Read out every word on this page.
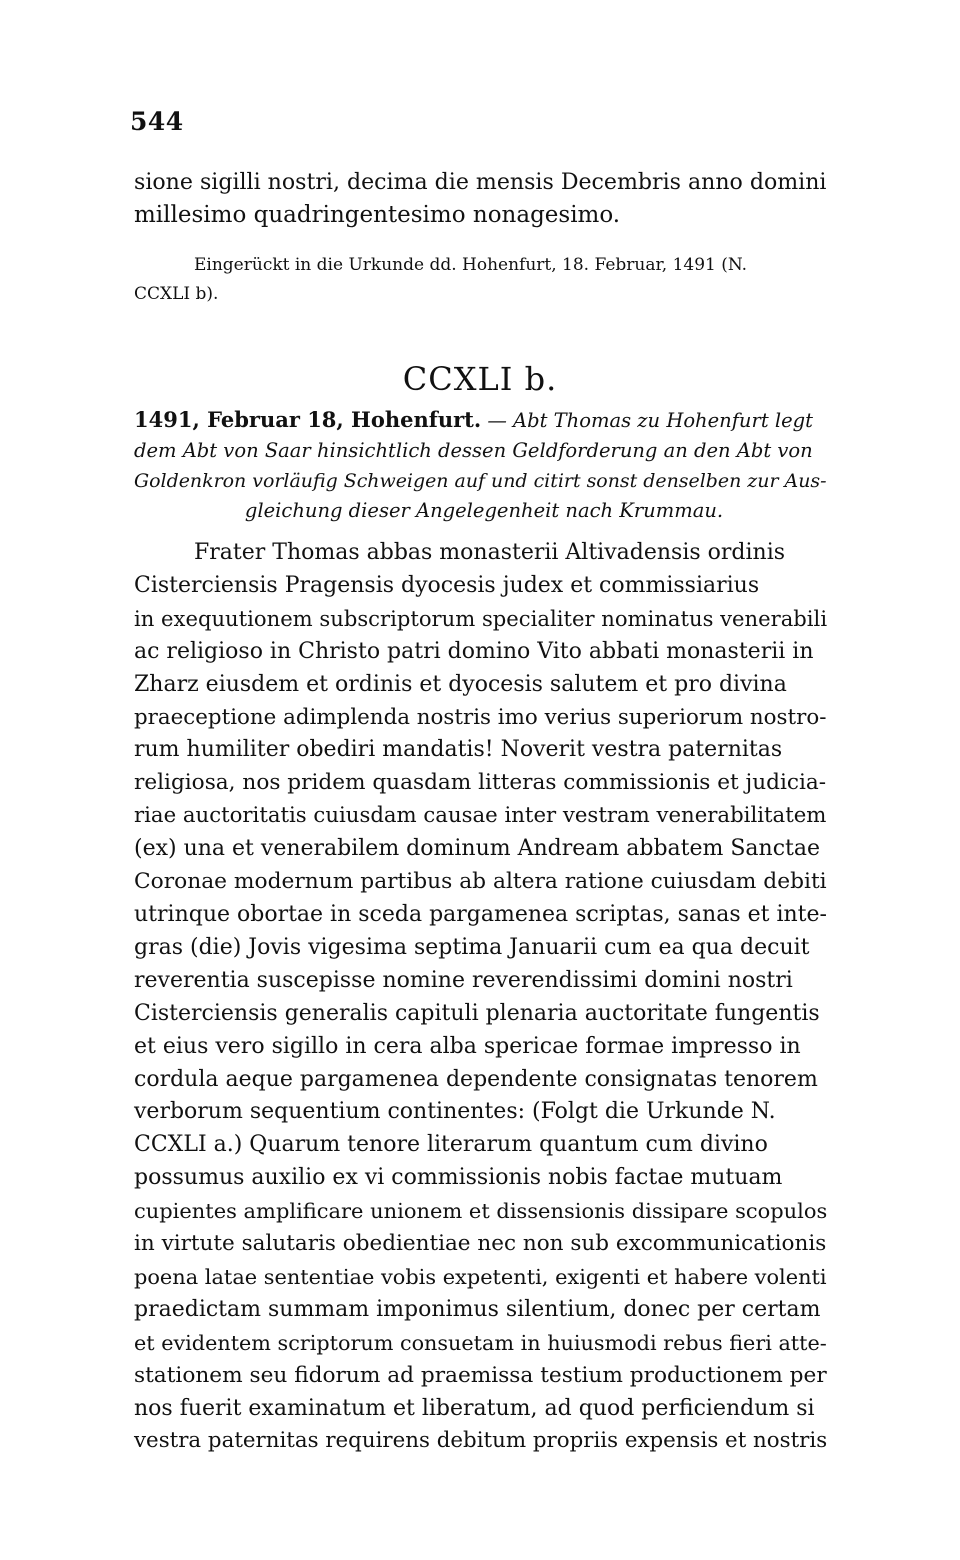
544
sione sigilli nostri, decima die mensis Decembris anno domini
millesimo quadringentesimo nonagesimo.
Eingerückt in die Urkunde dd. Hohenfurt, 18. Februar, 1491 (N.
CCXLI b).
CCXLI b.
1491, Februar 18, Hohenfurt. — Abt Thomas zu Hohenfurt legt
dem Abt von Saar hinsichtlich dessen Geldforderung an den Abt von
Goldenkron vorläufig Schweigen auf und citirt sonst denselben zur Aus-
gleichung dieser Angelegenheit nach Krummau.
Frater Thomas abbas monasterii Altivadensis ordinis
Cisterciensis Pragensis dyocesis judex et commissiarius
in exequutionem subscriptorum specialiter nominatus venerabili
ac religioso in Christo patri domino Vito abbati monasterii in
Zharz eiusdem et ordinis et dyocesis salutem et pro divina
praeceptione adimplenda nostris imo verius superiorum nostro-
rum humiliter obediri mandatis! Noverit vestra paternitas
religiosa, nos pridem quasdam litteras commissionis et judicia-
riae auctoritatis cuiusdam causae inter vestram venerabilitatem
(ex) una et venerabilem dominum Andream abbatem Sanctae
Coronae modernum partibus ab altera ratione cuiusdam debiti
utrinque obortae in sceda pargamenea scriptas, sanas et inte-
gras (die) Jovis vigesima septima Januarii cum ea qua decuit
reverentia suscepisse nomine reverendissimi domini nostri
Cisterciensis generalis capituli plenaria auctoritate fungentis
et eius vero sigillo in cera alba spericae formae impresso in
cordula aeque pargamenea dependente consignatas tenorem
verborum sequentium continentes: (Folgt die Urkunde N.
CCXLI a.) Quarum tenore literarum quantum cum divino
possumus auxilio ex vi commissionis nobis factae mutuam
cupientes amplificare unionem et dissensionis dissipare scopulos
in virtute salutaris obedientiae nec non sub excommunicationis
poena latae sententiae vobis expetenti, exigenti et habere volenti
praedictam summam imponimus silentium, donec per certam
et evidentem scriptorum consuetam in huiusmodi rebus fieri atte-
stationem seu fidorum ad praemissa testium productionem per
nos fuerit examinatum et liberatum, ad quod perficiendum si
vestra paternitas requirens debitum propriis expensis et nostris
